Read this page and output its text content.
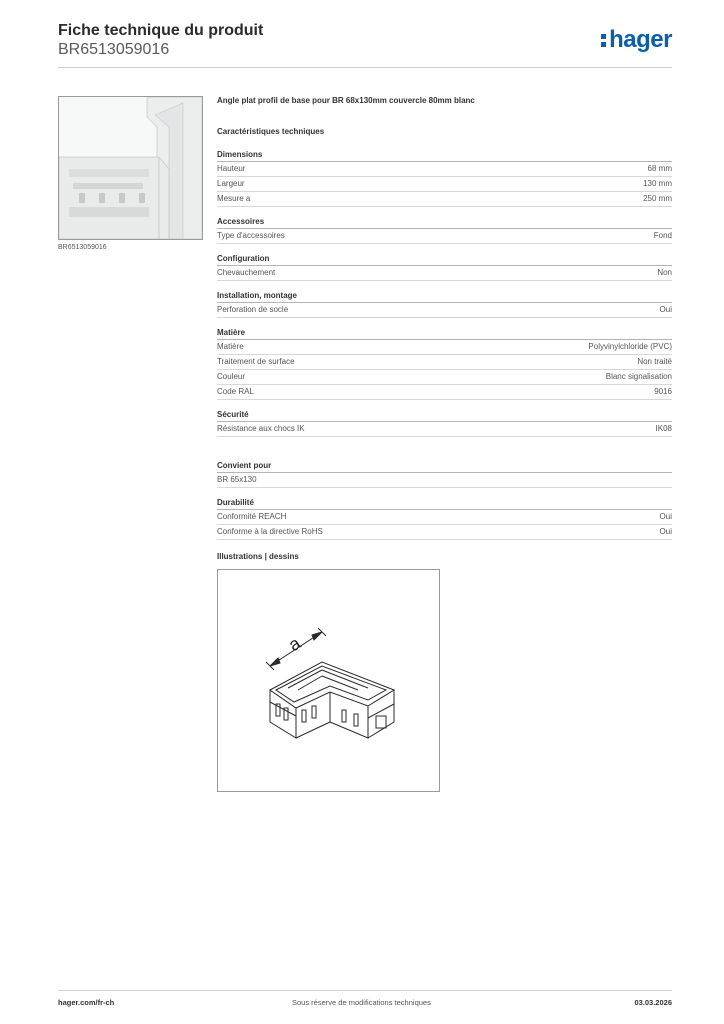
Fiche technique du produit
BR6513059016	hager
BR6513059016
Angle plat profil de base pour BR 68x130mm couvercle 80mm blanc
Caractéristiques techniques
Dimensions
Hauteur	68 mm
Largeur	130 mm
Mesure a	250 mm
Accessoires
Type d'accessoires	Fond
Configuration
Chevauchement	Non
Installation, montage
Perforation de socle	Oui
Matière
Matière	Polyvinylchloride (PVC)
Traitement de surface	Non traité
Couleur	Blanc signalisation
Code RAL	9016
Sécurité
Résistance aux chocs IK	IK08
Convient pour
BR 65x130
Durabilité
Conformité REACH	Oui
Conforme à la directive RoHS	Oui
Illustrations | dessins
a
hager.com/fr-ch	Sous réserve de modifications techniques	03.03.2026
